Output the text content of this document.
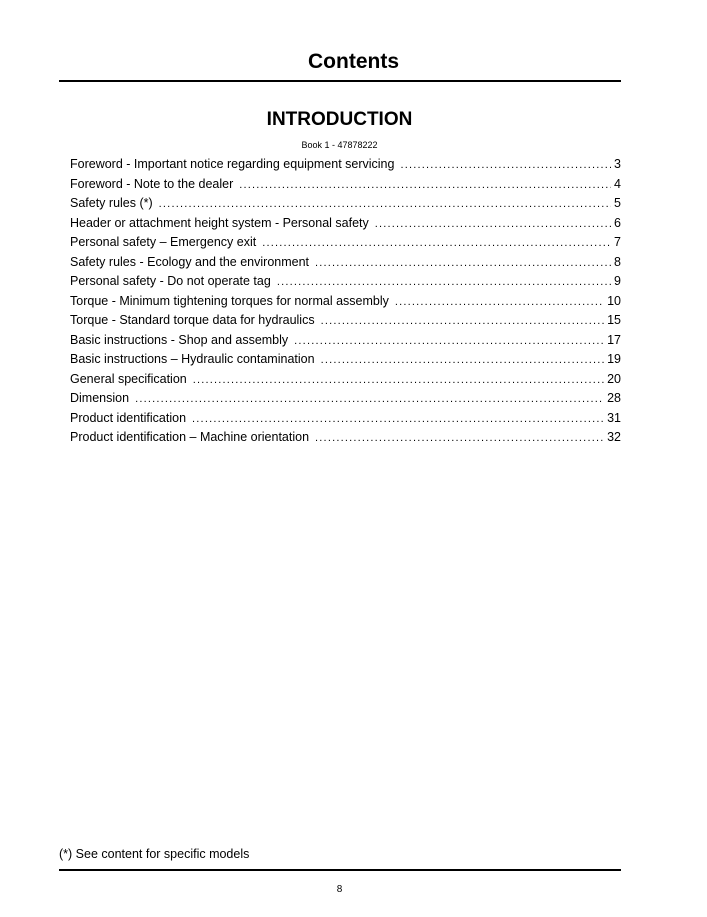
Contents
INTRODUCTION
Book 1 - 47878222
Foreword - Important notice regarding equipment servicing .....	3
Foreword - Note to the dealer .....	4
Safety rules (*) .....	5
Header or attachment height system - Personal safety .....	6
Personal safety – Emergency exit .....	7
Safety rules - Ecology and the environment .....	8
Personal safety - Do not operate tag .....	9
Torque - Minimum tightening torques for normal assembly .....	10
Torque - Standard torque data for hydraulics .....	15
Basic instructions - Shop and assembly .....	17
Basic instructions – Hydraulic contamination .....	19
General specification .....	20
Dimension .....	28
Product identification .....	31
Product identification – Machine orientation .....	32
(*) See content for specific models
8
